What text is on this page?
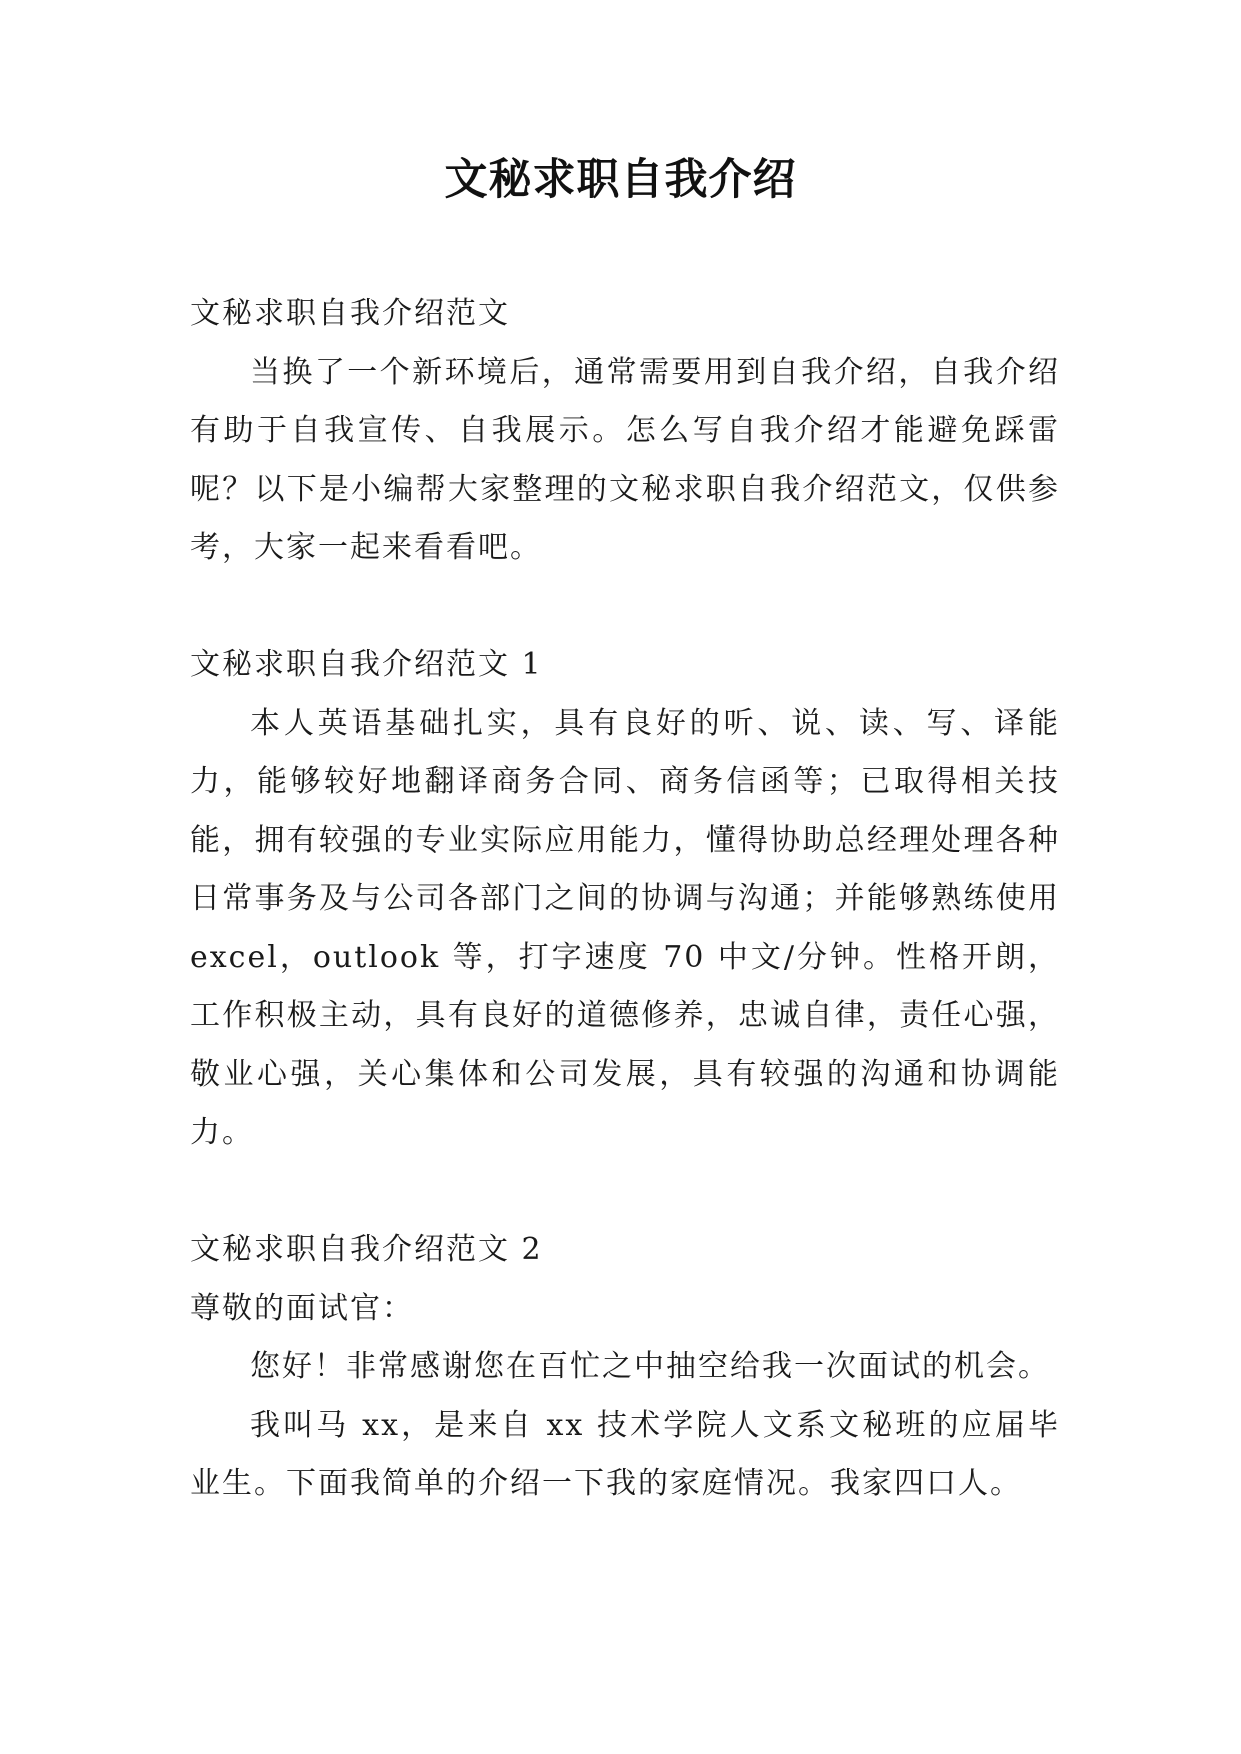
文秘求职自我介绍

文秘求职自我介绍范文

当换了一个新环境后，通常需要用到自我介绍，自我介绍有助于自我宣传、自我展示。怎么写自我介绍才能避免踩雷呢？以下是小编帮大家整理的文秘求职自我介绍范文，仅供参考，大家一起来看看吧。

文秘求职自我介绍范文 1

本人英语基础扎实，具有良好的听、说、读、写、译能力，能够较好地翻译商务合同、商务信函等；已取得相关技能，拥有较强的专业实际应用能力，懂得协助总经理处理各种日常事务及与公司各部门之间的协调与沟通；并能够熟练使用 excel，outlook 等，打字速度 70 中文/分钟。性格开朗，工作积极主动，具有良好的道德修养，忠诚自律，责任心强，敬业心强，关心集体和公司发展，具有较强的沟通和协调能力。

文秘求职自我介绍范文 2

尊敬的面试官：

您好！非常感谢您在百忙之中抽空给我一次面试的机会。

我叫马 xx，是来自 xx 技术学院人文系文秘班的应届毕业生。下面我简单的介绍一下我的家庭情况。我家四口人。
